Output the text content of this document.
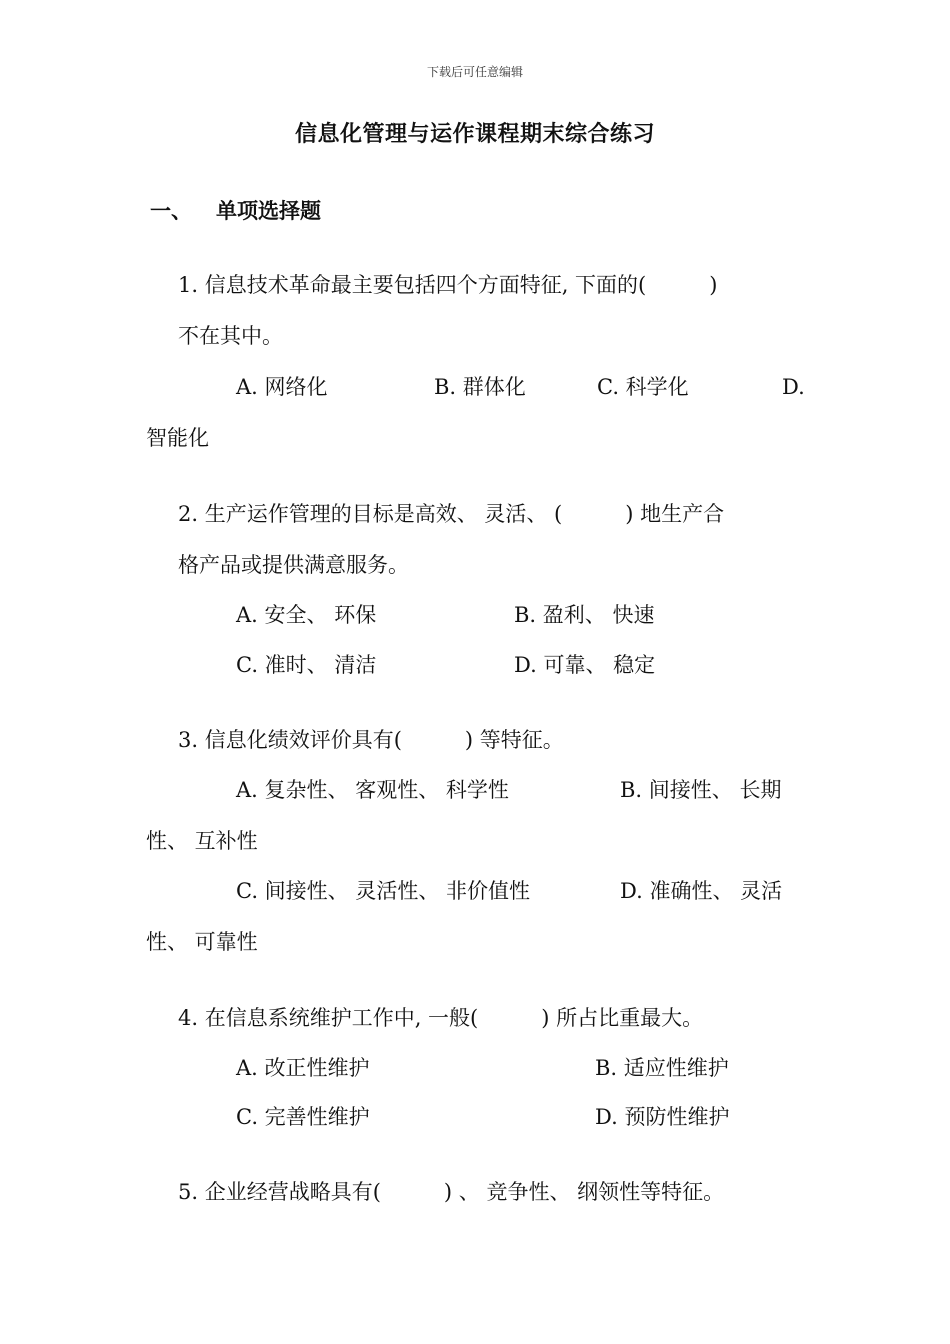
下载后可任意编辑
信息化管理与运作课程期末综合练习
一、 单项选择题
1. 信息技术革命最主要包括四个方面特征, 下面的(　　　)
不在其中。
A. 网络化	B. 群体化	C. 科学化	D.
智能化
2. 生产运作管理的目标是高效、 灵活、 (　　　) 地生产合
格产品或提供满意服务。
A. 安全、 环保	B. 盈利、 快速
C. 准时、 清洁	D. 可靠、 稳定
3. 信息化绩效评价具有(　　　) 等特征。
A. 复杂性、 客观性、 科学性	B. 间接性、 长期
性、 互补性
C. 间接性、 灵活性、 非价值性	D. 准确性、 灵活
性、 可靠性
4. 在信息系统维护工作中, 一般(　　　) 所占比重最大。
A. 改正性维护	B. 适应性维护
C. 完善性维护	D. 预防性维护
5. 企业经营战略具有(　　　) 、 竞争性、 纲领性等特征。
